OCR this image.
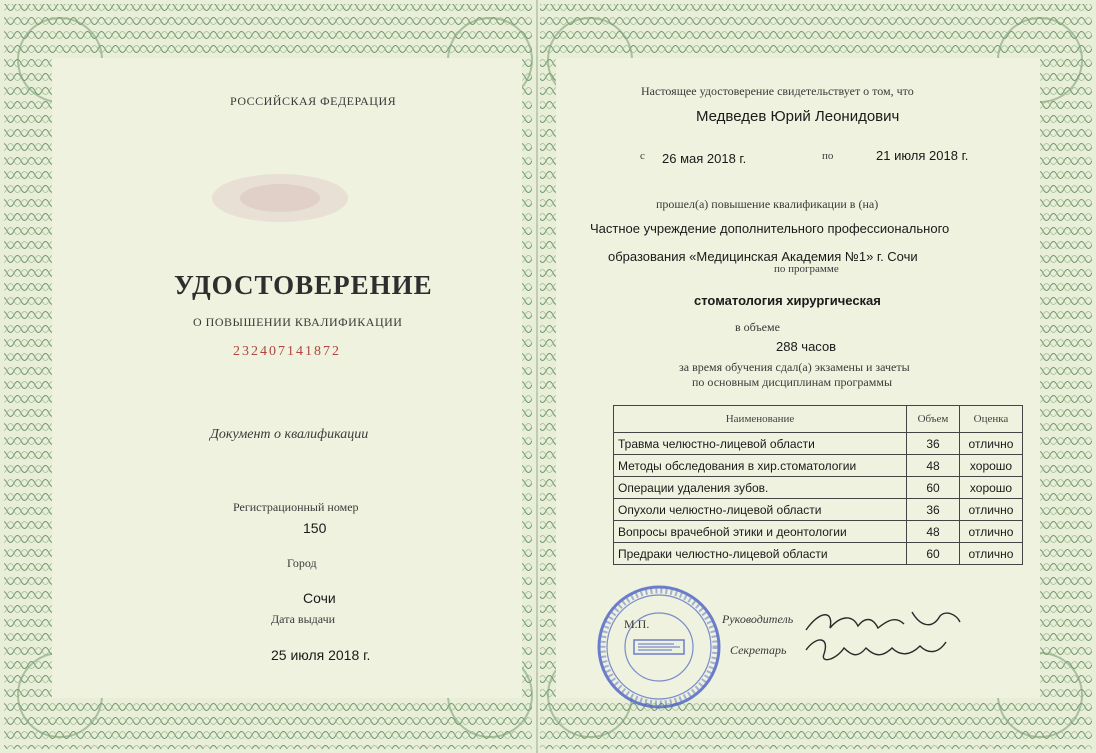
РОССИЙСКАЯ ФЕДЕРАЦИЯ
УДОСТОВЕРЕНИЕ
О ПОВЫШЕНИИ КВАЛИФИКАЦИИ
232407141872
Документ о квалификации
Регистрационный номер
150
Город
Сочи
Дата выдачи
25 июля 2018 г.
Настоящее удостоверение свидетельствует о том, что
Медведев Юрий Леонидович
с 26 мая 2018 г.	по	21 июля 2018 г.
прошел(а) повышение квалификации в (на)
Частное учреждение дополнительного профессионального
образования «Медицинская Академия №1» г. Сочи
по программе
стоматология хирургическая
в объеме
288 часов
за время обучения сдал(а) экзамены и зачеты
по основным дисциплинам программы
Наименование	Объем	Оценка
Травма челюстно-лицевой области	36	отлично
Методы обследования в хир.стоматологии	48	хорошо
Операции удаления зубов.	60	хорошо
Опухоли челюстно-лицевой области	36	отлично
Вопросы врачебной этики и деонтологии	48	отлично
Предраки челюстно-лицевой области	60	отлично
М.П.	Руководитель
Секретарь
